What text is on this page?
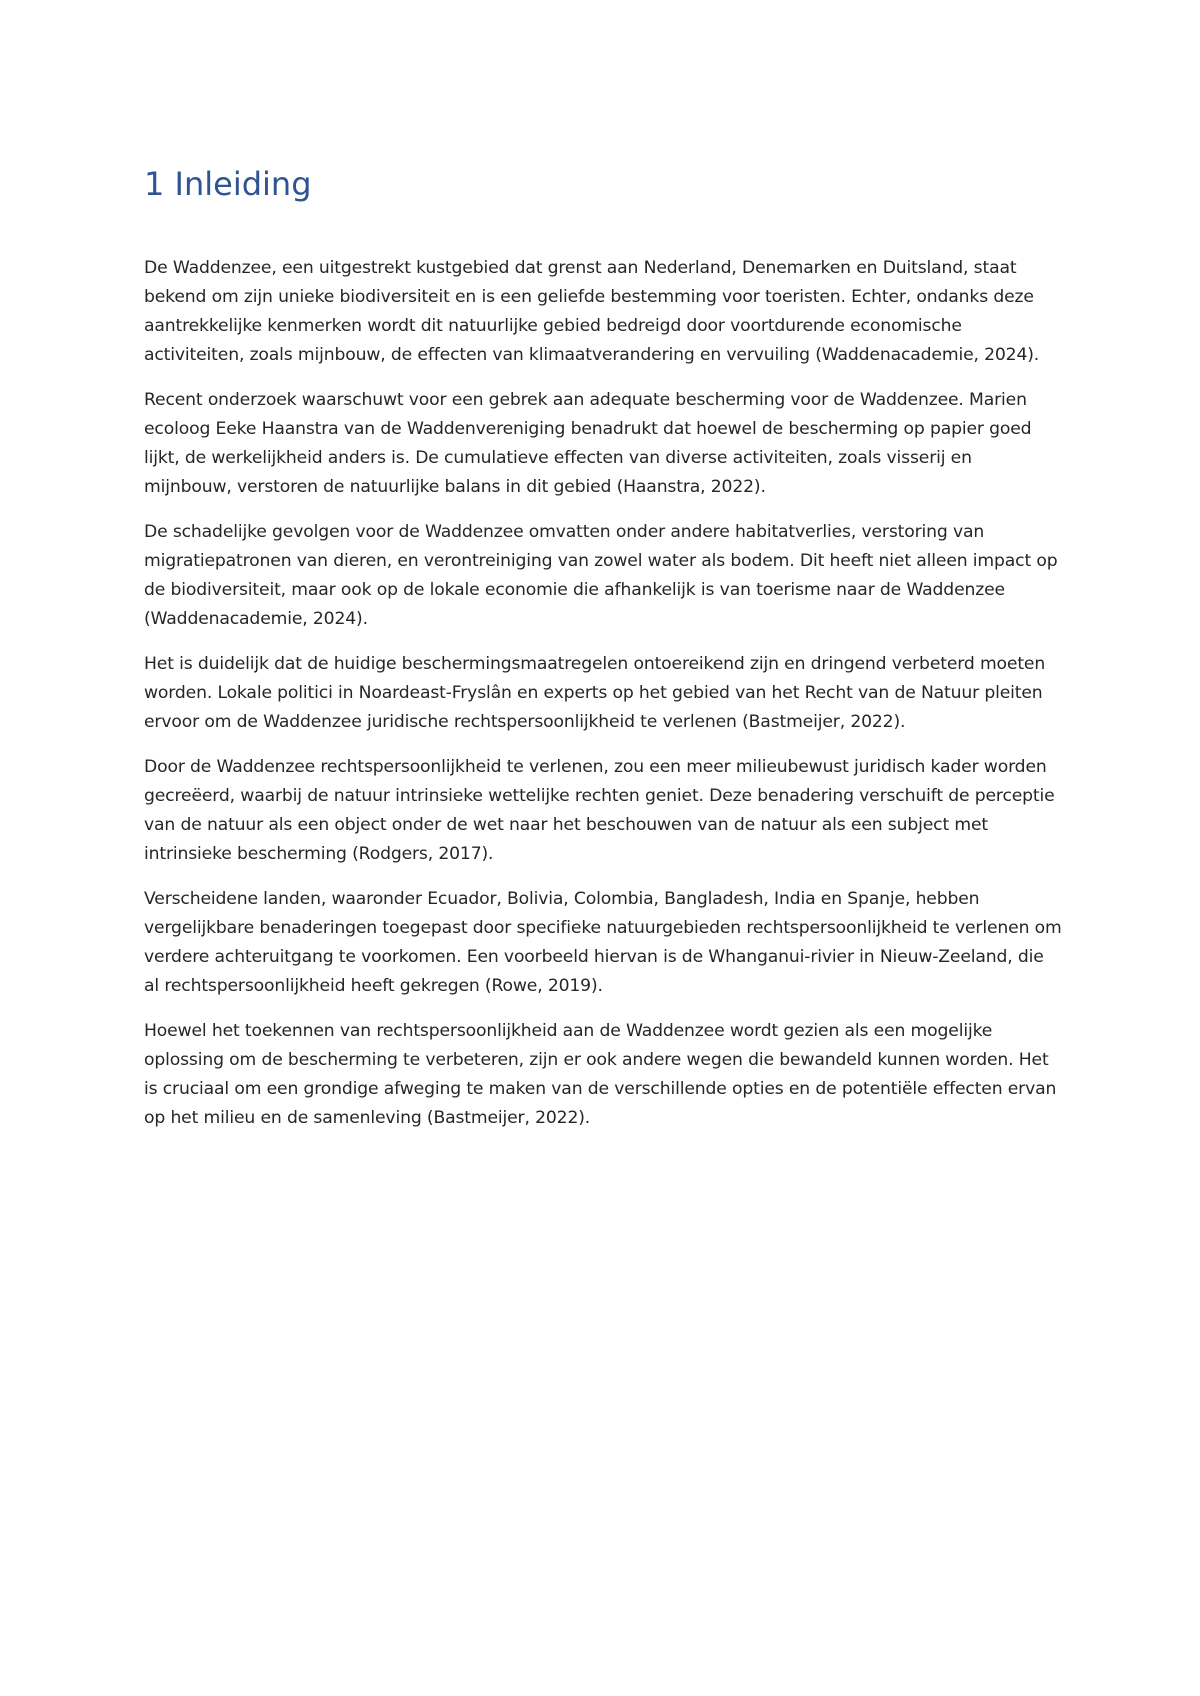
1 Inleiding

De Waddenzee, een uitgestrekt kustgebied dat grenst aan Nederland, Denemarken en Duitsland, staat bekend om zijn unieke biodiversiteit en is een geliefde bestemming voor toeristen. Echter, ondanks deze aantrekkelijke kenmerken wordt dit natuurlijke gebied bedreigd door voortdurende economische activiteiten, zoals mijnbouw, de effecten van klimaatverandering en vervuiling (Waddenacademie, 2024).

Recent onderzoek waarschuwt voor een gebrek aan adequate bescherming voor de Waddenzee. Marien ecoloog Eeke Haanstra van de Waddenvereniging benadrukt dat hoewel de bescherming op papier goed lijkt, de werkelijkheid anders is. De cumulatieve effecten van diverse activiteiten, zoals visserij en mijnbouw, verstoren de natuurlijke balans in dit gebied (Haanstra, 2022).

De schadelijke gevolgen voor de Waddenzee omvatten onder andere habitatverlies, verstoring van migratiepatronen van dieren, en verontreiniging van zowel water als bodem. Dit heeft niet alleen impact op de biodiversiteit, maar ook op de lokale economie die afhankelijk is van toerisme naar de Waddenzee (Waddenacademie, 2024).

Het is duidelijk dat de huidige beschermingsmaatregelen ontoereikend zijn en dringend verbeterd moeten worden. Lokale politici in Noardeast-Fryslân en experts op het gebied van het Recht van de Natuur pleiten ervoor om de Waddenzee juridische rechtspersoonlijkheid te verlenen (Bastmeijer, 2022).

Door de Waddenzee rechtspersoonlijkheid te verlenen, zou een meer milieubewust juridisch kader worden gecreëerd, waarbij de natuur intrinsieke wettelijke rechten geniet. Deze benadering verschuift de perceptie van de natuur als een object onder de wet naar het beschouwen van de natuur als een subject met intrinsieke bescherming (Rodgers, 2017).

Verscheidene landen, waaronder Ecuador, Bolivia, Colombia, Bangladesh, India en Spanje, hebben vergelijkbare benaderingen toegepast door specifieke natuurgebieden rechtspersoonlijkheid te verlenen om verdere achteruitgang te voorkomen. Een voorbeeld hiervan is de Whanganui-rivier in Nieuw-Zeeland, die al rechtspersoonlijkheid heeft gekregen (Rowe, 2019).

Hoewel het toekennen van rechtspersoonlijkheid aan de Waddenzee wordt gezien als een mogelijke oplossing om de bescherming te verbeteren, zijn er ook andere wegen die bewandeld kunnen worden. Het is cruciaal om een grondige afweging te maken van de verschillende opties en de potentiële effecten ervan op het milieu en de samenleving (Bastmeijer, 2022).
